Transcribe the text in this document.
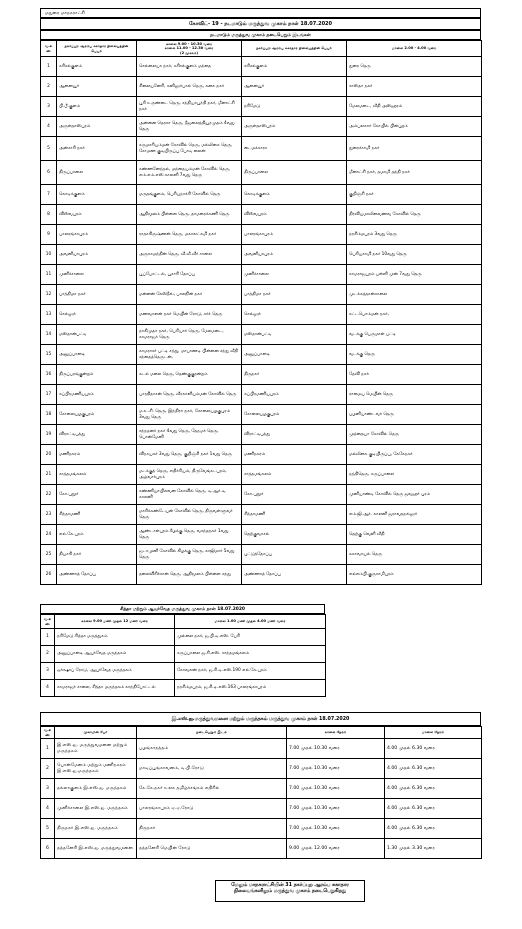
மதுரை மாநகராட்சி
கோவிட்- 19 - நடமாடும் மருத்துவ முகாம் நாள் 18.07.2020
நடமாடும் மருத்துவ முகாம் நடைபெறும் இடங்கள்
வ.எண்	நகர்ப்புற ஆரம்ப சுகாதார நிலையத்தின் பெயர்	காலை 9.00 - 10.30 வரை
காலை 11.00 - 12.30 வரை
(2 முகாம்)	நகர்ப்புற ஆரம்ப சுகாதார நிலையத்தின் பெயர்	மாலை 2.00 - 4.00 வரை
1	கரிசல்குளம்	செல்லையா நகர், கரிசல்குளம் மந்தை	கரிசல்குளம்	துரை தெரு
2	ஆனையூர்	சிலையனேரி, கனிலூர்பால் தெரு, கனக நகர்	ஆனையூர்	சாஸ்தா நகர்
3	பி.பீ.குளம்	பூரி உருண்டை தெரு, சந்தியாபூர்தி நகர், மீனாட்சி நகர்	நரிமேடு	மேலமடை, வீதி அஸ்ஹரம்
4	அருள்தாஸ்புரம்	அன்னை தெரசா தெரு, தீஜலைத்தியூரமுதம் 4வது தெரு	அருள்தாஸ்புரம்	அம்பலகார் கோயில் பின்புறம்
5	அன்சாரி நகர்	கருமாரியம்மன் கோவில் தெரு, மல்லிகை தெரு, சோமண குடியிருப்பு போடி லைன்	டைமக்காரா	துரைச்சாமி நகர்
6	திருப்பாலை	கண்ணனேந்தல், மந்தையம்மன் கோவில் தெரு, எம்.எம்.எஸ் காலனி 7வது தெரு	திருப்பாலை	மீனாட்சி நகர், தமாமி தந்தி நகர்
7	கொடிக்குளம்	மருதங்குளம், பெரியநாச்சி கோவில் தெரு	கொடிக்குளம்	குறிஞ்சி நகர்
8	விஸ்வபுரம்	ஆதிமூலம் பிள்ளை தெரு, தாமரைக்கணி தெரு	விஸ்வபுரம்	திரவியமாலிவைணவ கோவில் தெரு
9	பாலரங்காபுரம்	ராதாகிருஷ்ணன் தெரு, மகாலட்சுமி நகர்	பாலரங்காபுரம்	நரசிம்மபுரம் 3வது தெரு
10	அவனியாபுரம்	அருகாமந்தின் தெரு, வீ.வீ.வீர் சாலை	அவனியாபுரம்	பெரியசாமி நகர் 10வது தெரு
11	முனிச்சாலை	பூப்போட்டல், பூசாரி தோப்பு	முனிச்சாலை	காமராஜபுரம் பள்ளி முன் 7வது தெரு
12	பாத்திமா நகர்	மன்னன் கேஸ்தீவ், பாலநின் நகர்	பாத்திமா நகர்	முடக்கத்தான்சாலை
13	செல்லூர்	மணவாளன் நகர் மெயின் ரோடு, சர்ச் தெரு	செல்லூர்	கட்டபொம்மன் நகர்,
14	மஸ்தான்பட்டி	நாகிமுதா நகர், பெரியார் தெரு, மேலமடை, காமராஜர் தெரு	மஸ்தான்பட்டி	வடக்கு பெருமாள் பட்டி
15	அனுப்பானடி	காமராசர் பட்டி சந்து, மாபாணடி பின்னை சந்து வீதி சந்தைத்தெருடன்,	அனுப்பானடி	வடக்கு தெரு
16	திருப்பரங்குன்றம்	சுடல் மலை தெரு, தெண்குகுரன்றம்	திருநகர்	தேவி நகர்
17	சுப்பிரமணியபுரம்	பாரதிதாசன் தெரு, வீரகாளியம்மன் கோவில் தெரு	சுப்பிரமணியபுரம்	ராமைய மெயின் தெரு
18	சோலையழகுபுரம்	ம.உ.சி. தெரு, இந்திரா நகர், சோலையழகுபுரம் 3வது தெரு	சோலையழகுபுரம்	பழனியாண்டவர் தெரு
19	விராட்டிபத்து	சந்நதனர் நகர் 4வது தெரு, தேநமர் தெரு, பொன்மேனி	விராட்டிபத்து	முத்தையா கோவில் தெரு
20	மணிநகரம்	விநாயகர் 3வது தெரு, குறிஞ்சி நகர் 1வது தெரு	மணிநகரம்	மல்லிகை குடியிருப்பு, கேகேநகர்
21	சாத்தமங்கலம்	மடக்குத் தெரு, எதிர்சியம், திருவேங்கடபுரம், அழ்வார்புரம்	சாத்தமங்கலம்	நந்திதெரு, கருப்பாலை
22	கோ.புதூர்	கண்ணியாயிலவன கோவில் தெரு, டி.ஆர்.டி. காலனி	கோ.புதூர்	முனியாண்டி கோவில் தெரு ஜவஹர் புரம்
23	சிந்தாமணி	மாரிக்கண்டேயன் கோவில் தெரு, திருவள்ளுவர் தெரு	சிந்தாமணி	எம்.ஜி.ஆர். காலனி ஜராவதநல்லூர்
24	எல்.கே.புரம்	ஆண்டாள்புரம் கீழக்கு தெரு, வசந்தநகர் 1வது தெரு	தெற்குவாசல்	தெற்கு வெளி வீதி
25	தியாகி நகர்	ஜடாமுனி கோவில் கிழக்கு தெரு, காஜிமார் 5வது தெரு	புட்டுத்தோப்பு	சுகாவாயல் தெரு
26	அண்ணாத் தோப்பு	தலைவிரிச்சான் தெரு, ஆதிமூலம் பிள்ளை சந்து	அண்ணாத் தோப்பு	எல்எம்பி.குருசாமிபுரம்
சித்தா மற்றும் ஆயுர்வேத மருத்துவ முகாம் நாள் 18.07.2020
வ.எண்	காலை 9.00 மணி முதல் 12 மணி வரை	மாலை 1.00 மணி முதல் 4.00 மணி வரை
1	நரிமேடு சித்தா மருத்துகம்	முல்லை நகர், ஜ.பி.டி.எஸ். பேரி
2	அனுப்பானடி ஆயுர்வேத மருந்தகம்	கருப்பாலை ஜ.சி.எஸ். சாந்தமங்கலம்
3	ஒர்க்ஷாப் ரோடு, ஆயுர்வேத மருந்தகம்	கோவலன் நகர், ஜ.சி.டி.எஸ்.190 எல்.கே.புரம்
4	காமராஜர் சாலை, சித்தா மருந்தகம் காந்திபோட்டல்	நரசிம்மபுரம், ஜ.சி.டி.எஸ்.163 பாலரங்காபுரம்
இ.எஸ்.ஐ.மருத்துவமனை மற்றும் மருந்தகம் மருத்துவ முகாம் நாள் 18.07.2020
வ.எண்	முகாமின் பேர்	நடைபெறும் இடம்	காலை நேரம்	மாலை நேரம்
1	இ.எஸ்.ஐ. மருத்துவமனை மற்றும் மருந்தகம்	பழங்காநத்தம்	7.00 முதல் 10.30 வரை	4.00 முதல் 6.30 வரை
2	பொன்மேனம் மற்றும் மணிநகரம் இ.எஸ்.ஐ.மருந்தகம்	மாடிப்பூங்காவனம், டி.பி.ரோடு	7.00 முதல் 10.30 வரை	4.00 முதல் 6.30 வரை
3	தல்லாகுளம் இ.எஸ்.ஐ. மருந்தகம்	கே.கே.நகர் உலக தமிழ்ச்சங்கம் எதிரில்	7.00 முதல் 10.30 வரை	4.00 முதல் 6.30 வரை
4	முனிச்சாலை இ.எஸ்.ஐ. மருந்தகம்	பாலரங்காபுரம் ஏ.ஏ.ரோடு	7.00 முதல் 10.30 வரை	4.00 முதல் 6.30 வரை
5	திருநகர் இ.எஸ்.ஐ. மருந்தகம்	திருநகர்	7.00 முதல் 10.30 வரை	4.00 முதல் 6.30 வரை
6	தத்தனேரி இ.எஸ்.ஐ. மருத்துவமனை	தத்தனேரி மெயின் ரோடு	9.00 முதல் 12.00 வரை	1.30 முதல் 3.30 வரை
மேலும் மாநகராட்சியின் 31 நகர்ப்புற ஆரம்ப சுகாதார நிலையங்களிலும் மருத்துவ முகாம் நடைபெறுகிறது
